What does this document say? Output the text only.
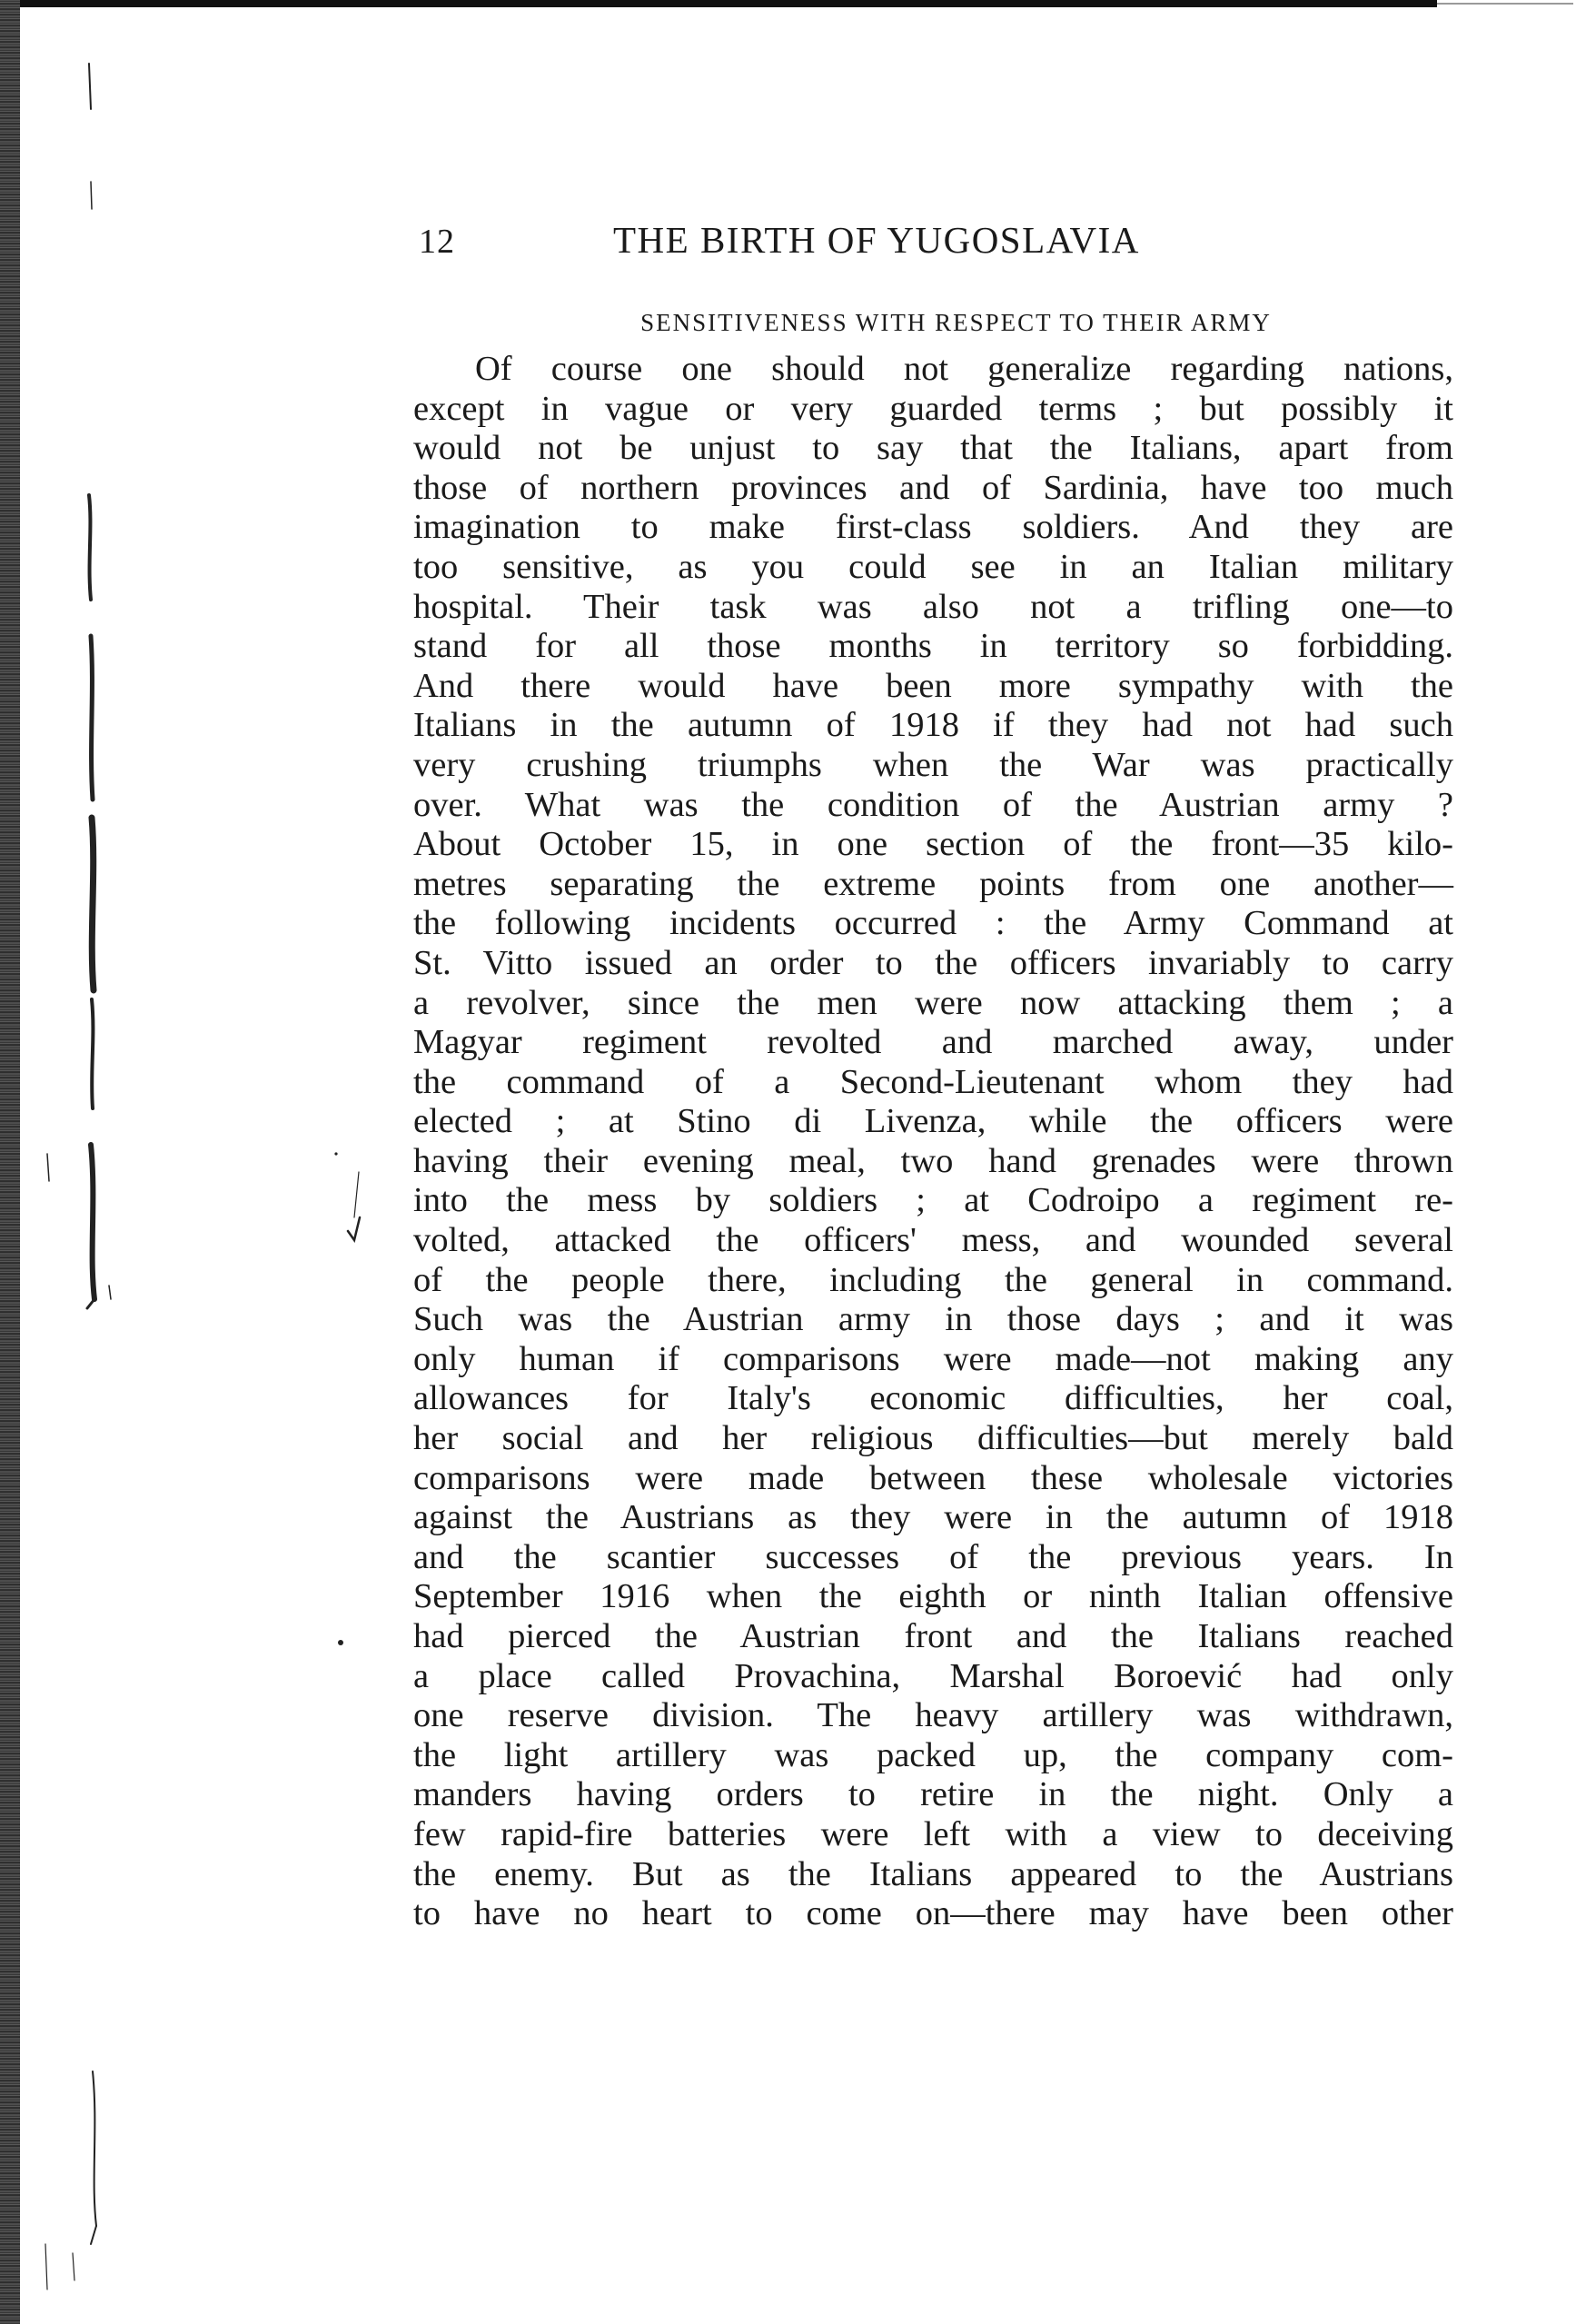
12	THE BIRTH OF YUGOSLAVIA
SENSITIVENESS WITH RESPECT TO THEIR ARMY
Of course one should not generalize regarding nations,
except in vague or very guarded terms ; but possibly it
would not be unjust to say that the Italians, apart from
those of northern provinces and of Sardinia, have too much
imagination to make first-class soldiers. And they are
too sensitive, as you could see in an Italian military
hospital. Their task was also not a trifling one—to
stand for all those months in territory so forbidding.
And there would have been more sympathy with the
Italians in the autumn of 1918 if they had not had such
very crushing triumphs when the War was practically
over. What was the condition of the Austrian army ?
About October 15, in one section of the front—35 kilo-
metres separating the extreme points from one another—
the following incidents occurred : the Army Command at
St. Vitto issued an order to the officers invariably to carry
a revolver, since the men were now attacking them ; a
Magyar regiment revolted and marched away, under
the command of a Second-Lieutenant whom they had
elected ; at Stino di Livenza, while the officers were
having their evening meal, two hand grenades were thrown
into the mess by soldiers ; at Codroipo a regiment re-
volted, attacked the officers' mess, and wounded several
of the people there, including the general in command.
Such was the Austrian army in those days ; and it was
only human if comparisons were made—not making any
allowances for Italy's economic difficulties, her coal,
her social and her religious difficulties—but merely bald
comparisons were made between these wholesale victories
against the Austrians as they were in the autumn of 1918
and the scantier successes of the previous years. In
September 1916 when the eighth or ninth Italian offensive
had pierced the Austrian front and the Italians reached
a place called Provachina, Marshal Boroević had only
one reserve division. The heavy artillery was withdrawn,
the light artillery was packed up, the company com-
manders having orders to retire in the night. Only a
few rapid-fire batteries were left with a view to deceiving
the enemy. But as the Italians appeared to the Austrians
to have no heart to come on—there may have been other
